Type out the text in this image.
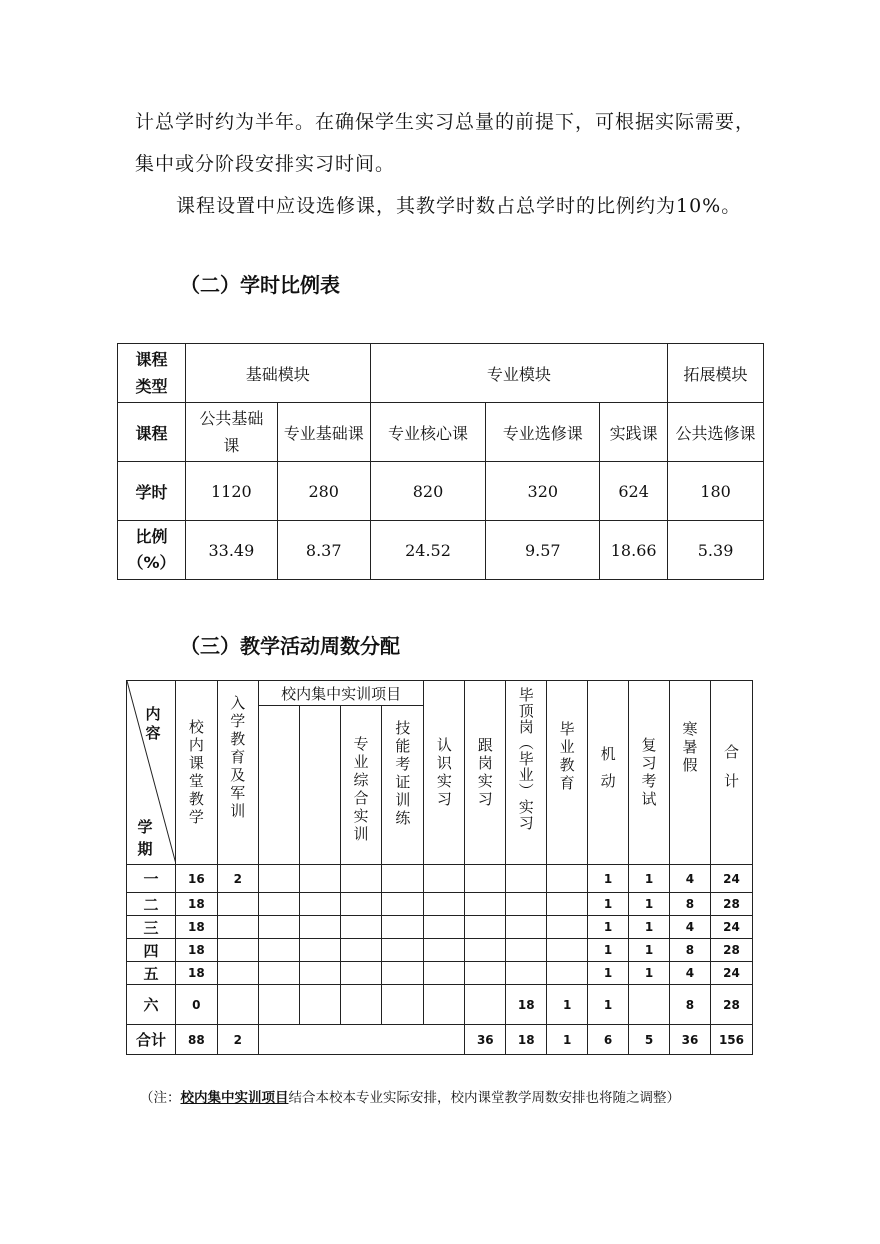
计总学时约为半年。在确保学生实习总量的前提下，可根据实际需要，
集中或分阶段安排实习时间。
课程设置中应设选修课，其教学时数占总学时的比例约为10%。
（二）学时比例表
课程
类型	基础模块		专业模块			拓展模块
课程	公共基础课	专业基础课	专业核心课	专业选修课	实践课	公共选修课
学时	1120	280	820	320	624	180
比例
（%）	33.49	8.37	24.52	9.57	18.66	5.39
（三）教学活动周数分配
内容
学期	校内课堂教学	入学教育及军训	校内集中实训项目				认识实习	跟岗实习	毕顶岗（毕业）实习	毕业教育	机动	复习考试	寒暑假	合计

					专业综合实训	技能考证训练								

一	16	2									1	1	4	24
二	18										1	1	8	28
三	18										1	1	4	24
四	18										1	1	8	28
五	18										1	1	4	24
六	0								18	1	1		8	28
合计	88	2						36	18	1	6	5	36	156
（注：校内集中实训项目结合本校本专业实际安排，校内课堂教学周数安排也将随之调整）
